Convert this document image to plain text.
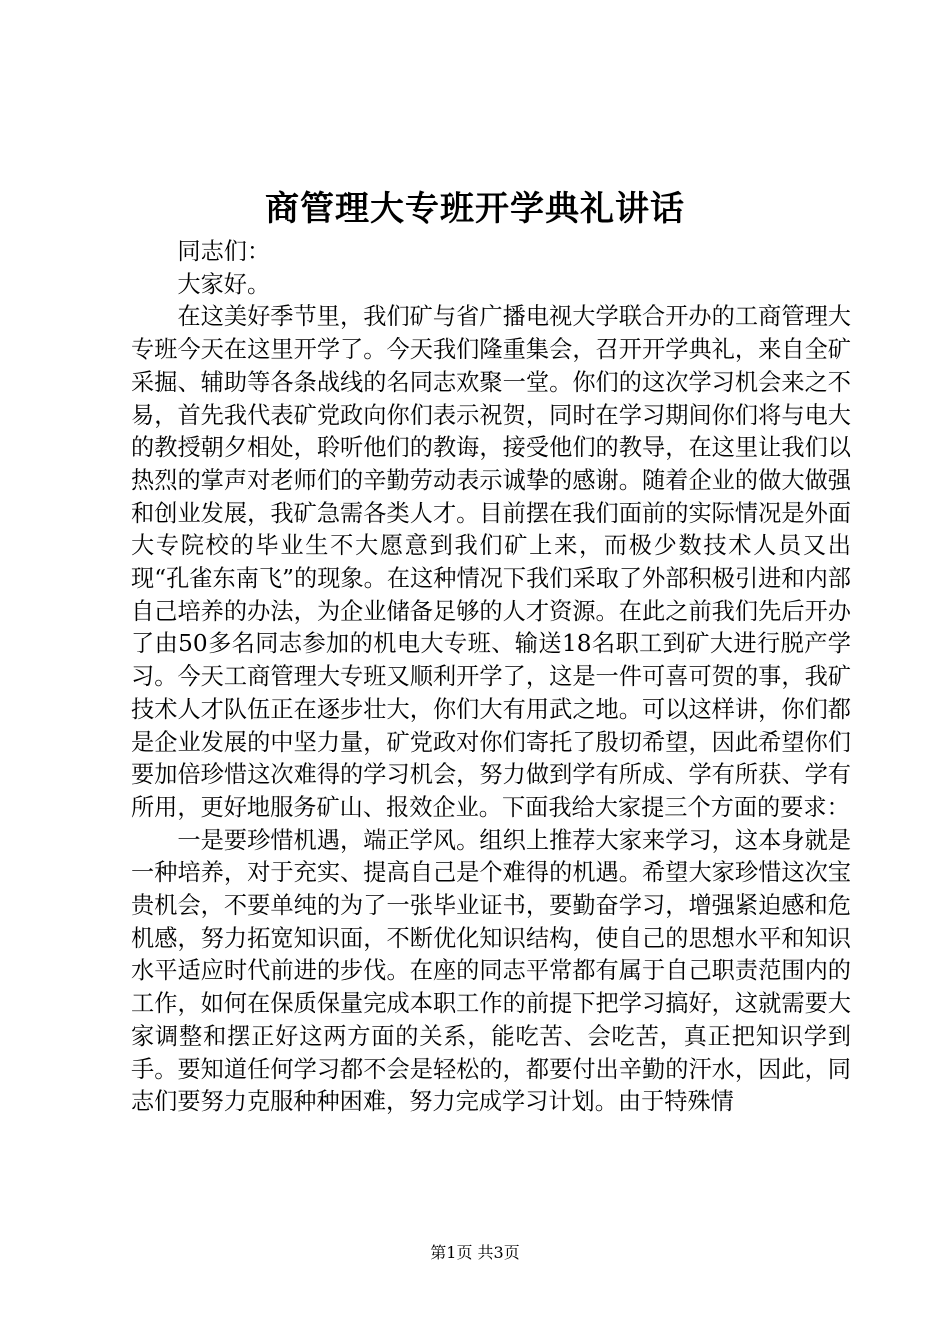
商管理大专班开学典礼讲话

同志们：

大家好。

在这美好季节里，我们矿与省广播电视大学联合开办的工商管理大专班今天在这里开学了。今天我们隆重集会，召开开学典礼，来自全矿采掘、辅助等各条战线的名同志欢聚一堂。你们的这次学习机会来之不易，首先我代表矿党政向你们表示祝贺，同时在学习期间你们将与电大的教授朝夕相处，聆听他们的教诲，接受他们的教导，在这里让我们以热烈的掌声对老师们的辛勤劳动表示诚挚的感谢。随着企业的做大做强和创业发展，我矿急需各类人才。目前摆在我们面前的实际情况是外面大专院校的毕业生不大愿意到我们矿上来，而极少数技术人员又出现“孔雀东南飞”的现象。在这种情况下我们采取了外部积极引进和内部自己培养的办法，为企业储备足够的人才资源。在此之前我们先后开办了由50多名同志参加的机电大专班、输送18名职工到矿大进行脱产学习。今天工商管理大专班又顺利开学了，这是一件可喜可贺的事，我矿技术人才队伍正在逐步壮大，你们大有用武之地。可以这样讲，你们都是企业发展的中坚力量，矿党政对你们寄托了殷切希望，因此希望你们要加倍珍惜这次难得的学习机会，努力做到学有所成、学有所获、学有所用，更好地服务矿山、报效企业。下面我给大家提三个方面的要求：

一是要珍惜机遇，端正学风。组织上推荐大家来学习，这本身就是一种培养，对于充实、提高自己是个难得的机遇。希望大家珍惜这次宝贵机会，不要单纯的为了一张毕业证书，要勤奋学习，增强紧迫感和危机感，努力拓宽知识面，不断优化知识结构，使自己的思想水平和知识水平适应时代前进的步伐。在座的同志平常都有属于自己职责范围内的工作，如何在保质保量完成本职工作的前提下把学习搞好，这就需要大家调整和摆正好这两方面的关系，能吃苦、会吃苦，真正把知识学到手。要知道任何学习都不会是轻松的，都要付出辛勤的汗水，因此，同志们要努力克服种种困难，努力完成学习计划。由于特殊情

第1页 共3页
